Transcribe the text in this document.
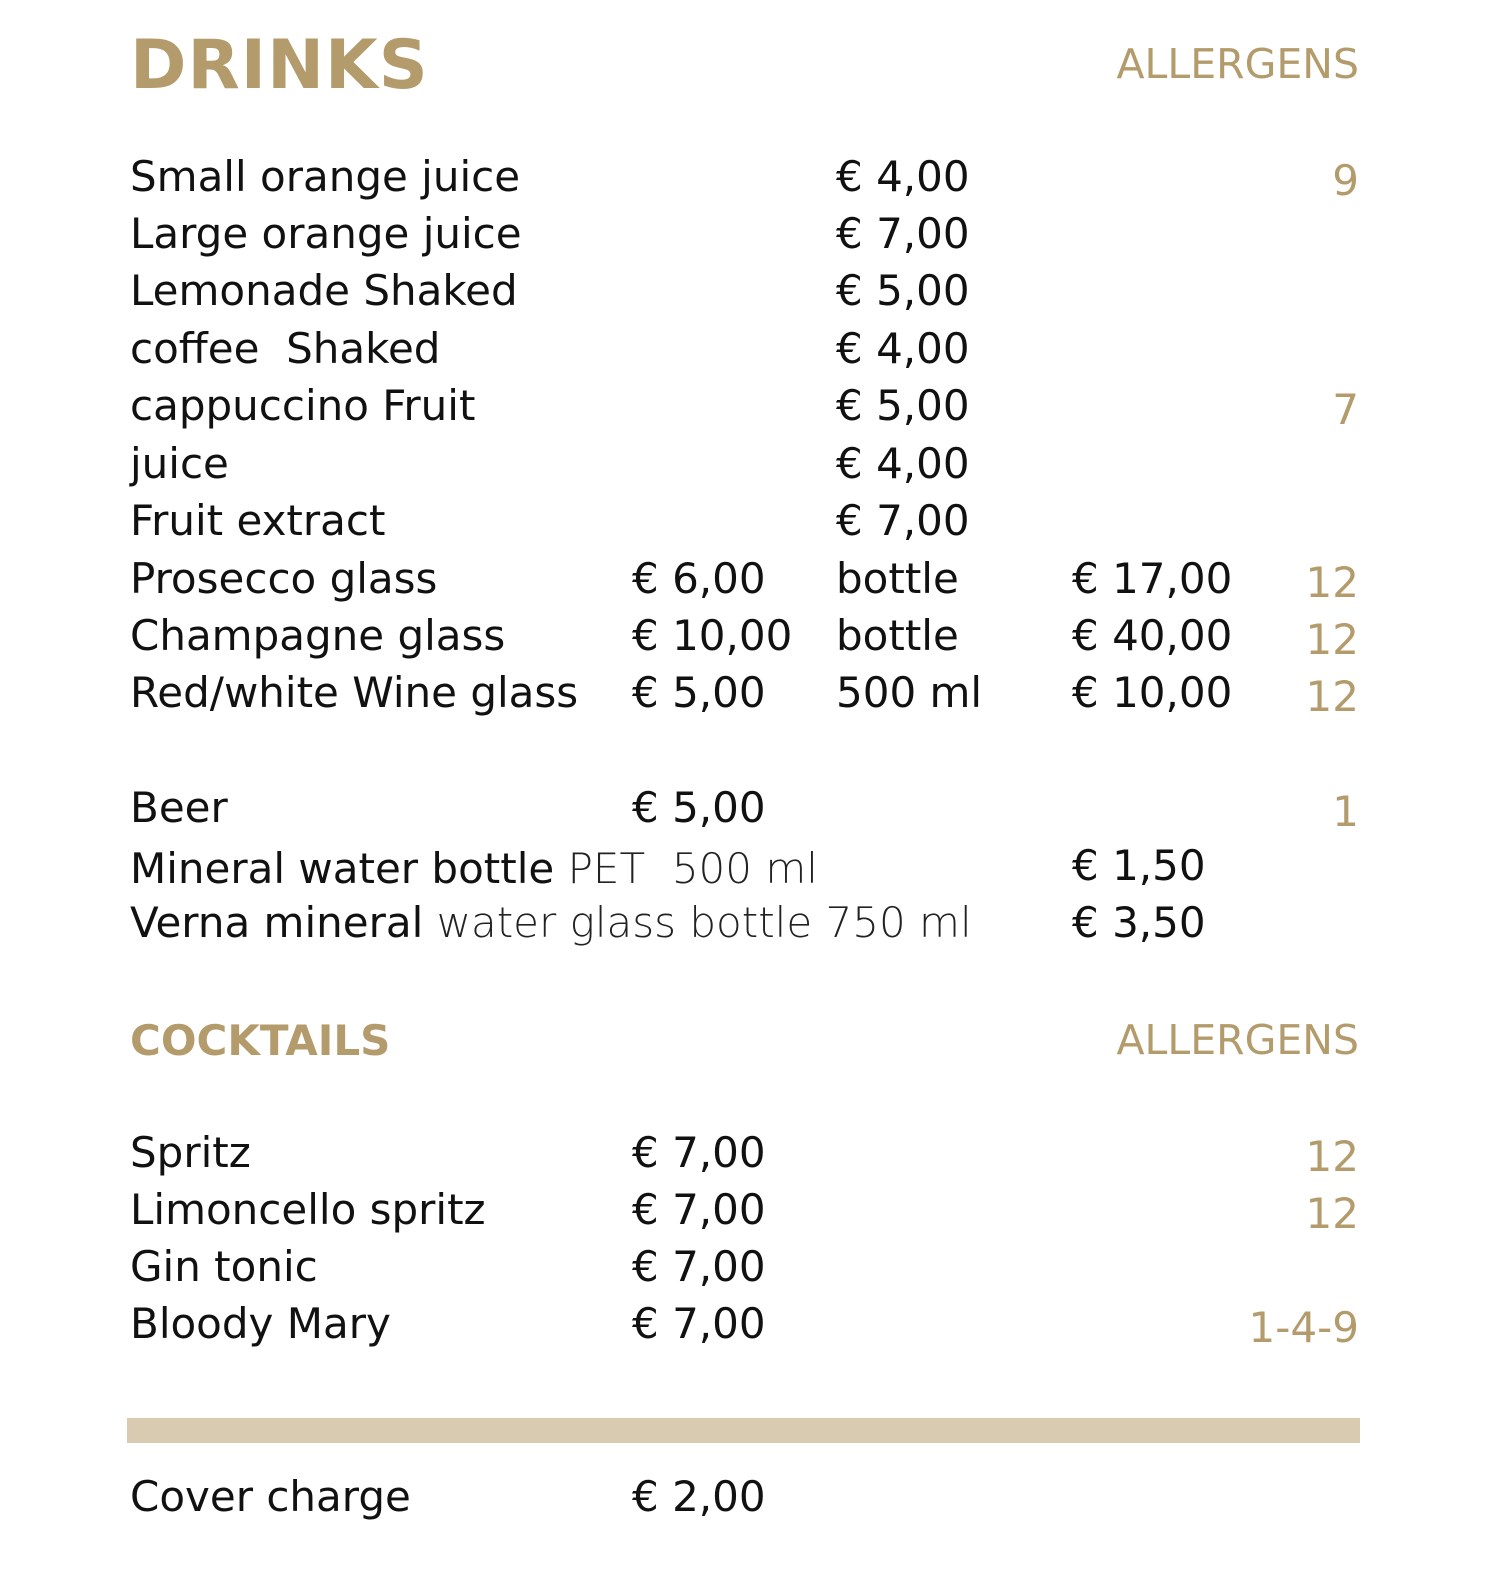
DRINKS	ALLERGENS
Small orange juice	€ 4,00	9
Large orange juice	€ 7,00
Lemonade Shaked	€ 5,00
coffee  Shaked	€ 4,00
cappuccino Fruit	€ 5,00	7
juice	€ 4,00
Fruit extract	€ 7,00
Prosecco glass	€ 6,00 bottle	€ 17,00 12
Champagne glass	€ 10,00 bottle	€ 40,00 12
Red/white Wine glass € 5,00 500 ml € 10,00 12
Beer	€ 5,00	1
Mineral water bottle PET  500 ml	€ 1,50
Verna mineral water glass bottle 750 ml € 3,50
COCKTAILS	ALLERGENS
Spritz	€ 7,00	12
Limoncello spritz	€ 7,00	12
Gin tonic	€ 7,00
Bloody Mary	€ 7,00	1-4-9
Cover charge	€ 2,00
